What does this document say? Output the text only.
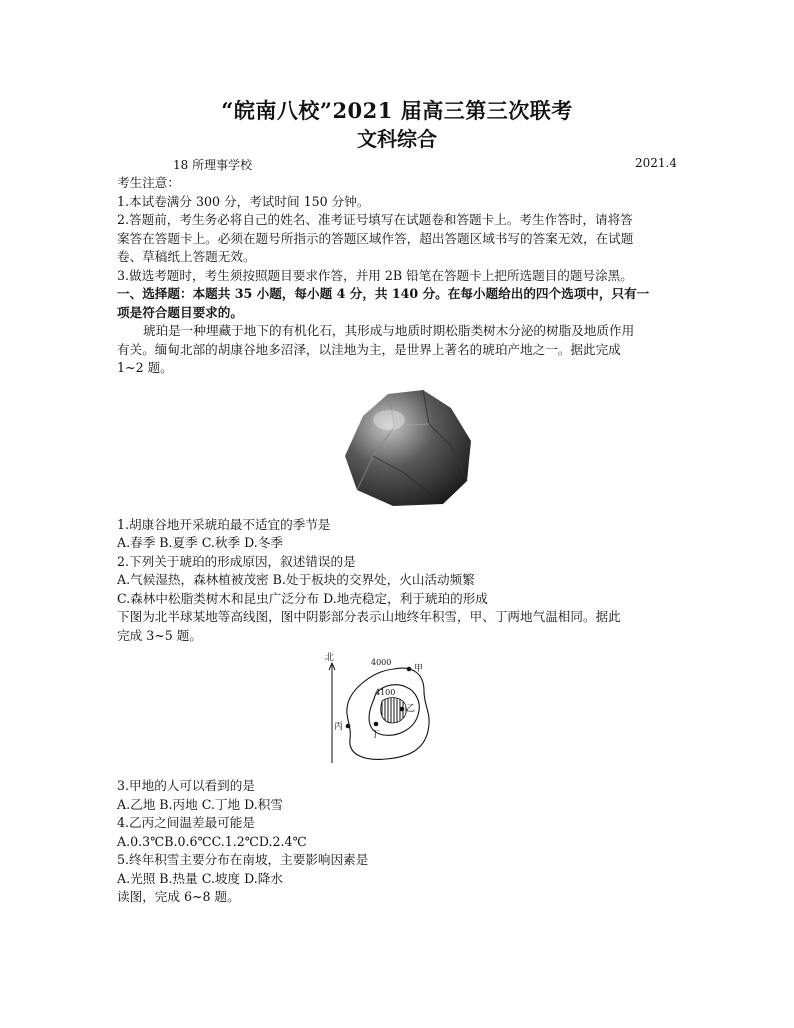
“皖南八校”2021 届高三第三次联考
文科综合
18 所理事学校	2021.4

考生注意：

1.本试卷满分 300 分，考试时间 150 分钟。

2.答题前，考生务必将自己的姓名、准考证号填写在试题卷和答题卡上。考生作答时，请将答

案答在答题卡上。必须在题号所指示的答题区域作答，超出答题区域书写的答案无效，在试题

卷、草稿纸上答题无效。

3.做选考题时，考生须按照题目要求作答，并用 2B 铅笔在答题卡上把所选题目的题号涂黑。

一、选择题：本题共 35 小题，每小题 4 分，共 140 分。在每小题给出的四个选项中，只有一

项是符合题目要求的。

琥珀是一种埋藏于地下的有机化石，其形成与地质时期松脂类树木分泌的树脂及地质作用

有关。缅甸北部的胡康谷地多沼泽，以洼地为主，是世界上著名的琥珀产地之一。据此完成

1~2 题。

1.胡康谷地开采琥珀最不适宜的季节是

A.春季 B.夏季 C.秋季 D.冬季

2.下列关于琥珀的形成原因，叙述错误的是

A.气候湿热，森林植被茂密 B.处于板块的交界处，火山活动频繁

C.森林中松脂类树木和昆虫广泛分布 D.地壳稳定，利于琥珀的形成

下图为北半球某地等高线图，图中阴影部分表示山地终年积雪，甲、丁两地气温相同。据此

完成 3~5 题。

北	4000
4100
甲
乙
丙
丁

3.甲地的人可以看到的是

A.乙地 B.丙地 C.丁地 D.积雪

4.乙丙之间温差最可能是

A.0.3℃B.0.6℃C.1.2℃D.2.4℃

5.终年积雪主要分布在南坡，主要影响因素是

A.光照 B.热量 C.坡度 D.降水

读图，完成 6~8 题。
